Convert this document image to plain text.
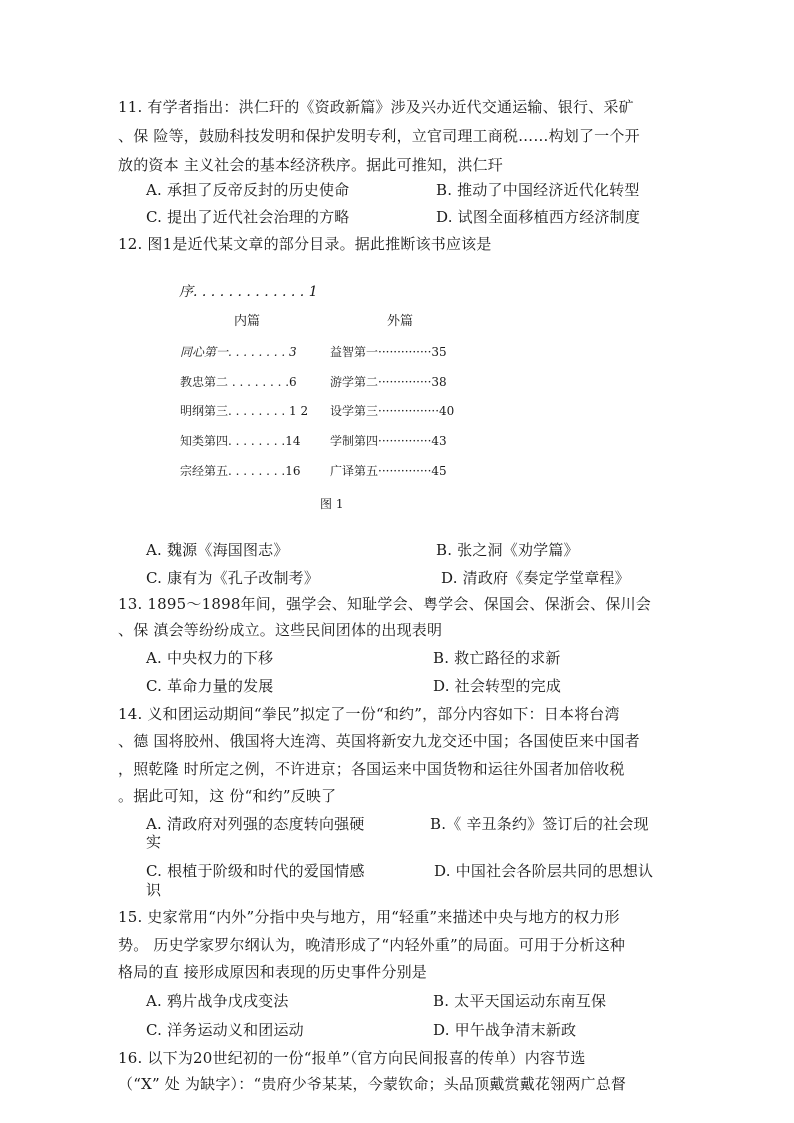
11. 有学者指出：洪仁玕的《资政新篇》涉及兴办近代交通运输、银行、采矿
、保 险等，鼓励科技发明和保护发明专利，立官司理工商税……构划了一个开
放的资本 主义社会的基本经济秩序。据此可推知，洪仁玕
A. 承担了反帝反封的历史使命	B. 推动了中国经济近代化转型
C. 提出了近代社会治理的方略	D. 试图全面移植西方经济制度
12. 图1是近代某文章的部分目录。据此推断该书应该是
序. . . . . . . . . . . . . 1
内篇	外篇
同心第一. . . . . . . . 3
教忠第二 . . . . . . . .6
明纲第三. . . . . . . . 1 2
知类第四. . . . . . . .14
宗经第五. . . . . . . .16
益智第一··············35
游学第二··············38
设学第三················40
学制第四··············43
广译第五··············45
图 1
A. 魏源《海国图志》	B. 张之洞《劝学篇》
C. 康有为《孔子改制考》	D. 清政府《奏定学堂章程》
13. 1895～1898年间，强学会、知耻学会、粤学会、保国会、保浙会、保川会
、保 滇会等纷纷成立。这些民间团体的出现表明
A. 中央权力的下移	B. 救亡路径的求新
C. 革命力量的发展	D. 社会转型的完成
14. 义和团运动期间“拳民”拟定了一份“和约”，部分内容如下：日本将台湾
、德 国将胶州、俄国将大连湾、英国将新安九龙交还中国；各国使臣来中国者
，照乾隆 时所定之例，不许进京；各国运来中国货物和运往外国者加倍收税
。据此可知，这 份“和约”反映了
A. 清政府对列强的态度转向强硬	B.《 辛丑条约》签订后的社会现
实
C. 根植于阶级和时代的爱国情感	D. 中国社会各阶层共同的思想认
识
15. 史家常用“内外”分指中央与地方，用“轻重”来描述中央与地方的权力形
势。 历史学家罗尔纲认为，晚清形成了“内轻外重”的局面。可用于分析这种
格局的直 接形成原因和表现的历史事件分别是
A. 鸦片战争戊戌变法	B. 太平天国运动东南互保
C. 洋务运动义和团运动	D. 甲午战争清末新政
16. 以下为20世纪初的一份“报单”（官方向民间报喜的传单）内容节选
（“X” 处 为缺字）：“贵府少爷某某，今蒙钦命；头品顶戴赏戴花翎两广总督
